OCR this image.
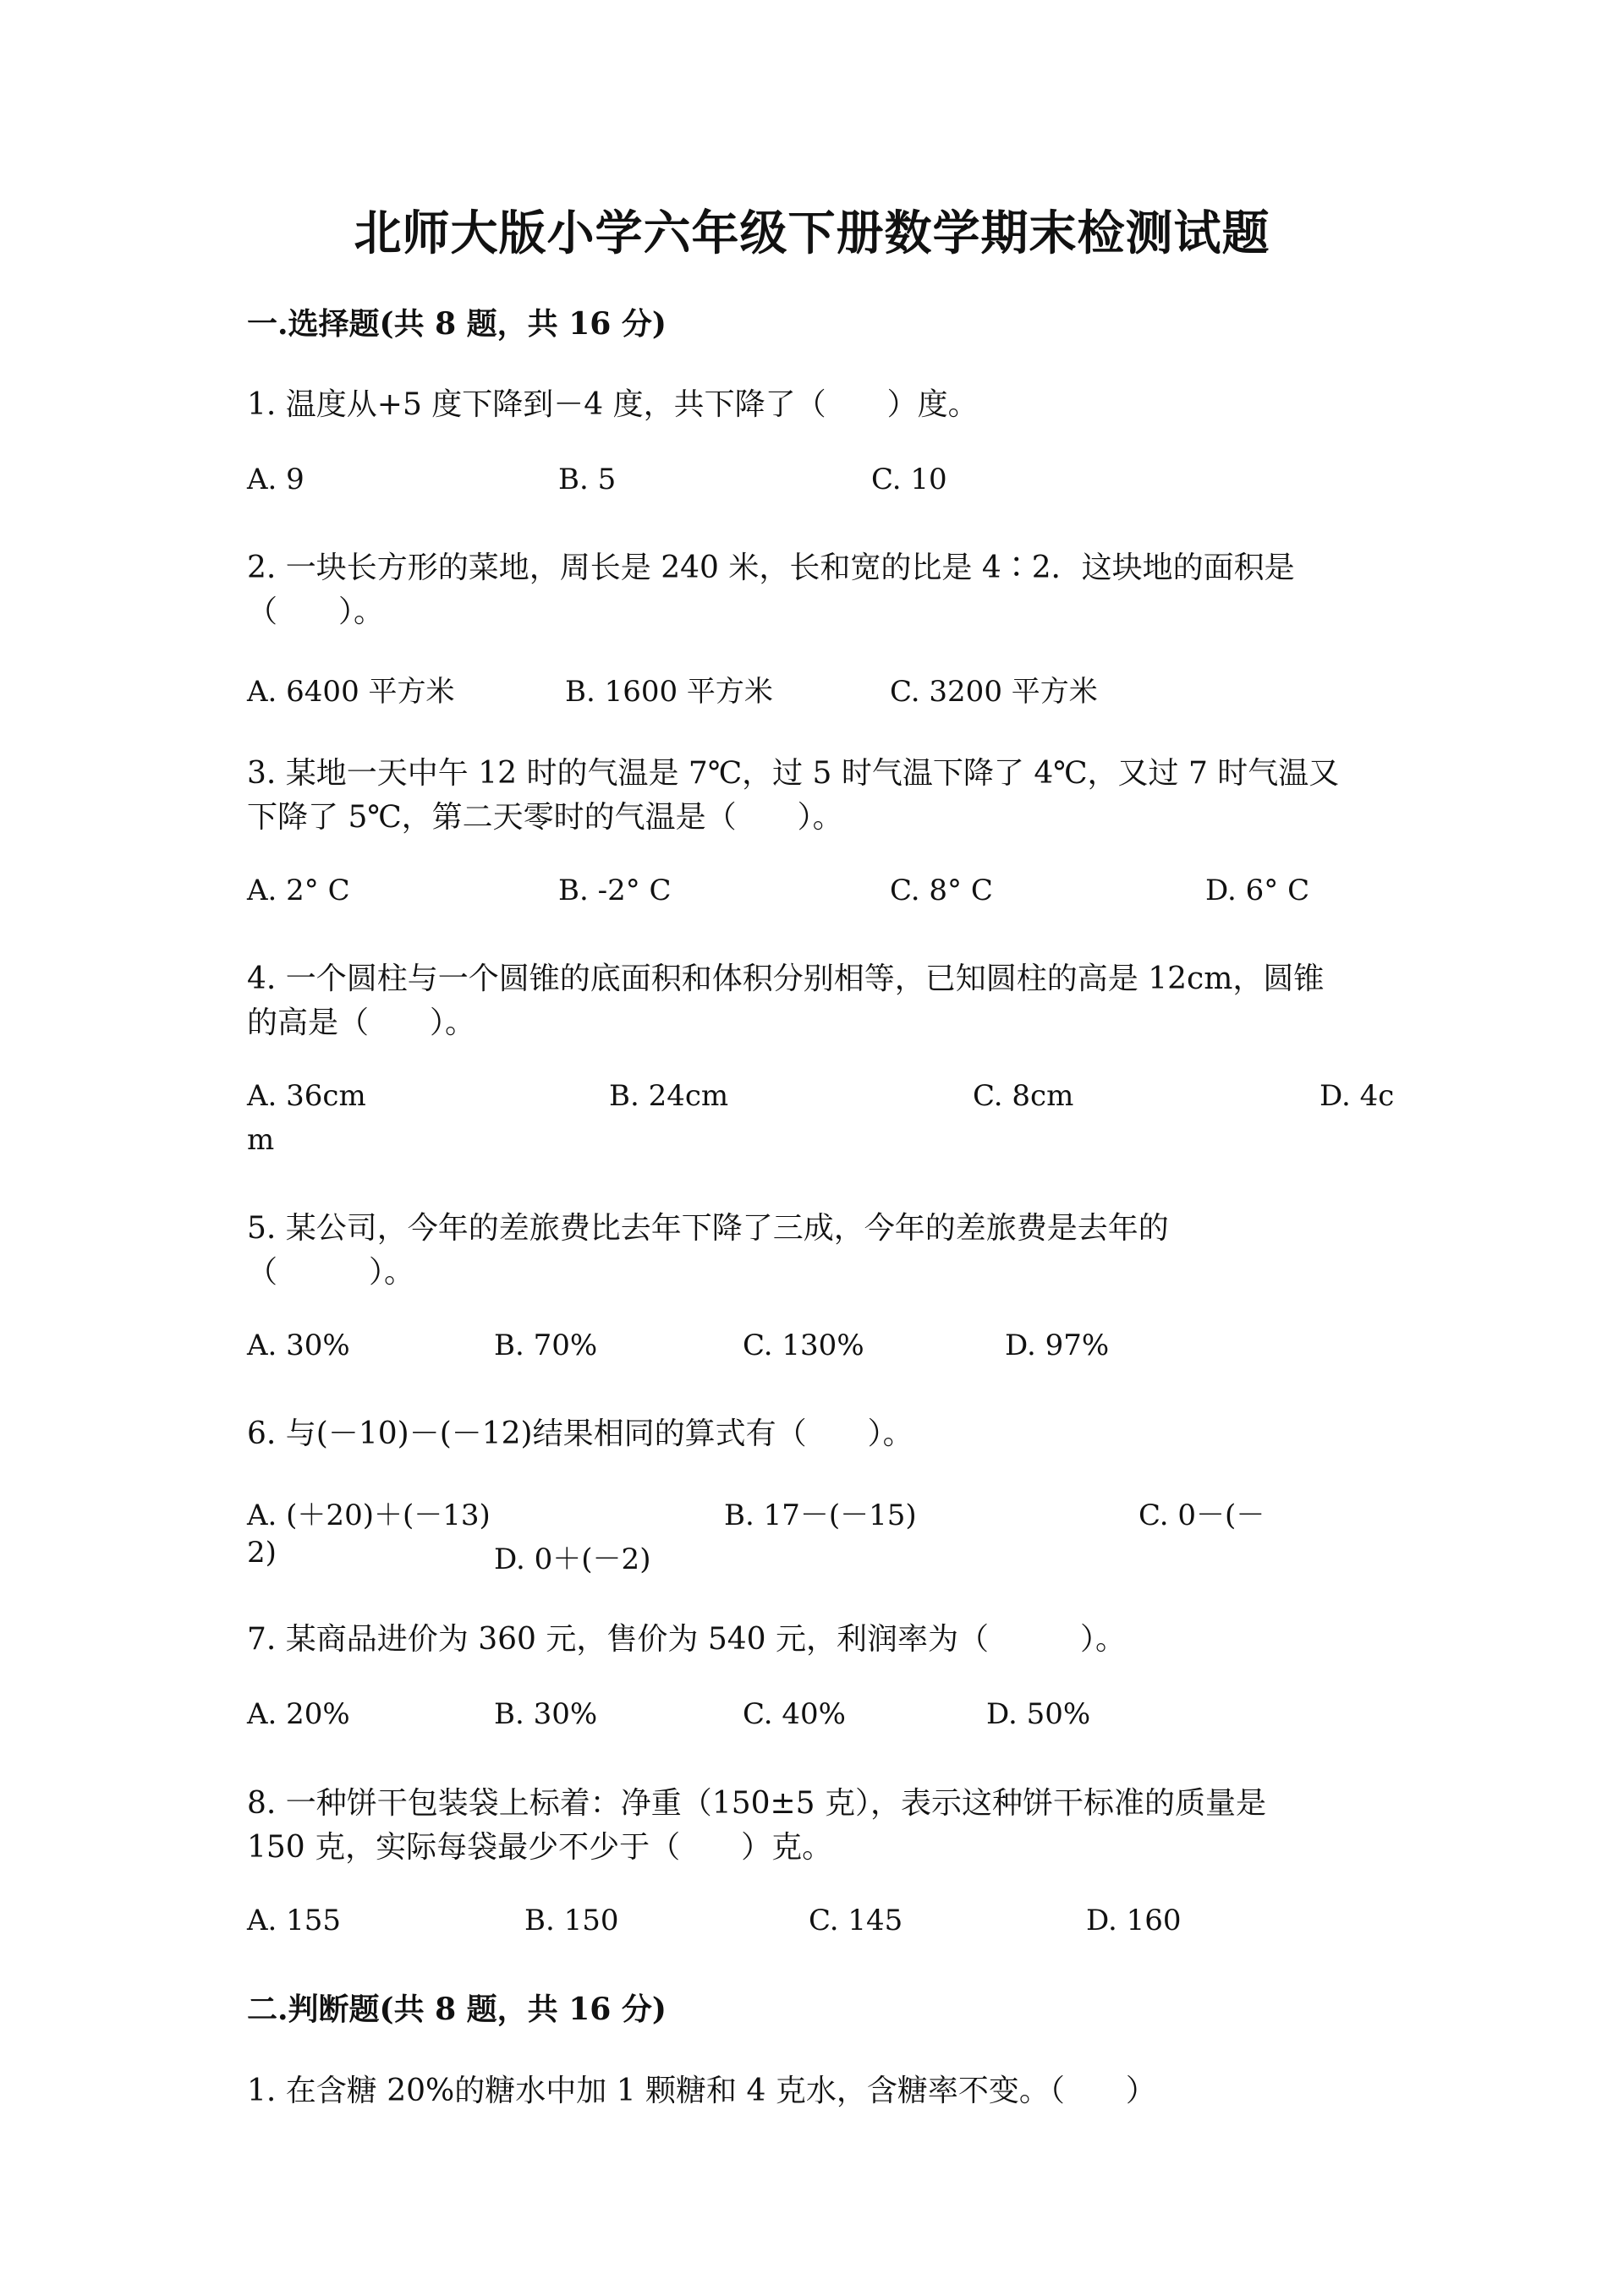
北师大版小学六年级下册数学期末检测试题
一.选择题(共 8 题，共 16 分)
1. 温度从+5 度下降到－4 度，共下降了（　　）度。
A. 9	B. 5	C. 10
2. 一块长方形的菜地，周长是 240 米，长和宽的比是 4∶2．这块地的面积是
（　　）。
A. 6400 平方米	B. 1600 平方米	C. 3200 平方米
3. 某地一天中午 12 时的气温是 7℃，过 5 时气温下降了 4℃，又过 7 时气温又
下降了 5℃，第二天零时的气温是（　　）。
A. 2° C	B. -2° C	C. 8° C	D. 6° C
4. 一个圆柱与一个圆锥的底面积和体积分别相等，已知圆柱的高是 12cm，圆锥
的高是（　　）。
A. 36cm	B. 24cm	C. 8cm	D. 4c
m
5. 某公司，今年的差旅费比去年下降了三成，今年的差旅费是去年的
（　　　）。
A. 30%	B. 70%	C. 130%	D. 97%
6. 与(－10)－(－12)结果相同的算式有（　　）。
A. (＋20)＋(－13)	B. 17－(－15)	C. 0－(－
2)	D. 0＋(－2)
7. 某商品进价为 360 元，售价为 540 元，利润率为（　　　）。
A. 20%	B. 30%	C. 40%	D. 50%
8. 一种饼干包装袋上标着：净重（150±5 克），表示这种饼干标准的质量是
150 克，实际每袋最少不少于（　　）克。
A. 155	B. 150	C. 145	D. 160
二.判断题(共 8 题，共 16 分)
1. 在含糖 20%的糖水中加 1 颗糖和 4 克水，含糖率不变。（　　）
